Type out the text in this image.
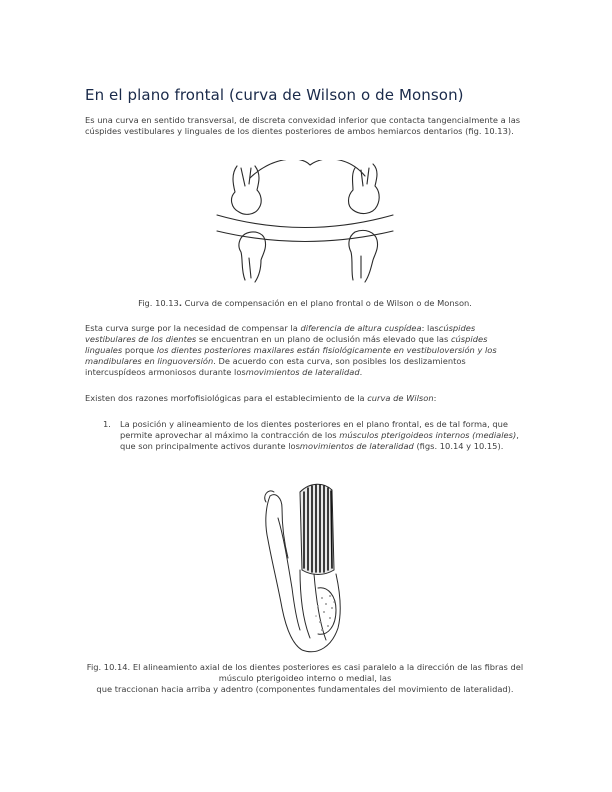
En el plano frontal (curva de Wilson o de Monson)

Es una curva en sentido transversal, de discreta convexidad inferior que contacta tangencialmente a las cúspides vestibulares y linguales de los dientes posteriores de ambos hemiarcos dentarios (fig. 10.13).

Fig. 10.13. Curva de compensación en el plano frontal o de Wilson o de Monson.

Esta curva surge por la necesidad de compensar la diferencia de altura cuspídea: lascúspides vestibulares de los dientes se encuentran en un plano de oclusión más elevado que las cúspides linguales porque los dientes posteriores maxilares están fisiológicamente en vestibuloversión y los mandibulares en linguoversión. De acuerdo con esta curva, son posibles los deslizamientos intercuspídeos armoniosos durante losmovimientos de lateralidad.

Existen dos razones morfofisiológicas para el establecimiento de la curva de Wilson:

1. La posición y alineamiento de los dientes posteriores en el plano frontal, es de tal forma, que permite aprovechar al máximo la contracción de los músculos pterigoideos internos (mediales), que son principalmente activos durante losmovimientos de lateralidad (figs. 10.14 y 10.15).

Fig. 10.14. El alineamiento axial de los dientes posteriores es casi paralelo a la dirección de las fibras del músculo pterigoideo interno o medial, las
que traccionan hacia arriba y adentro (componentes fundamentales del movimiento de lateralidad).
